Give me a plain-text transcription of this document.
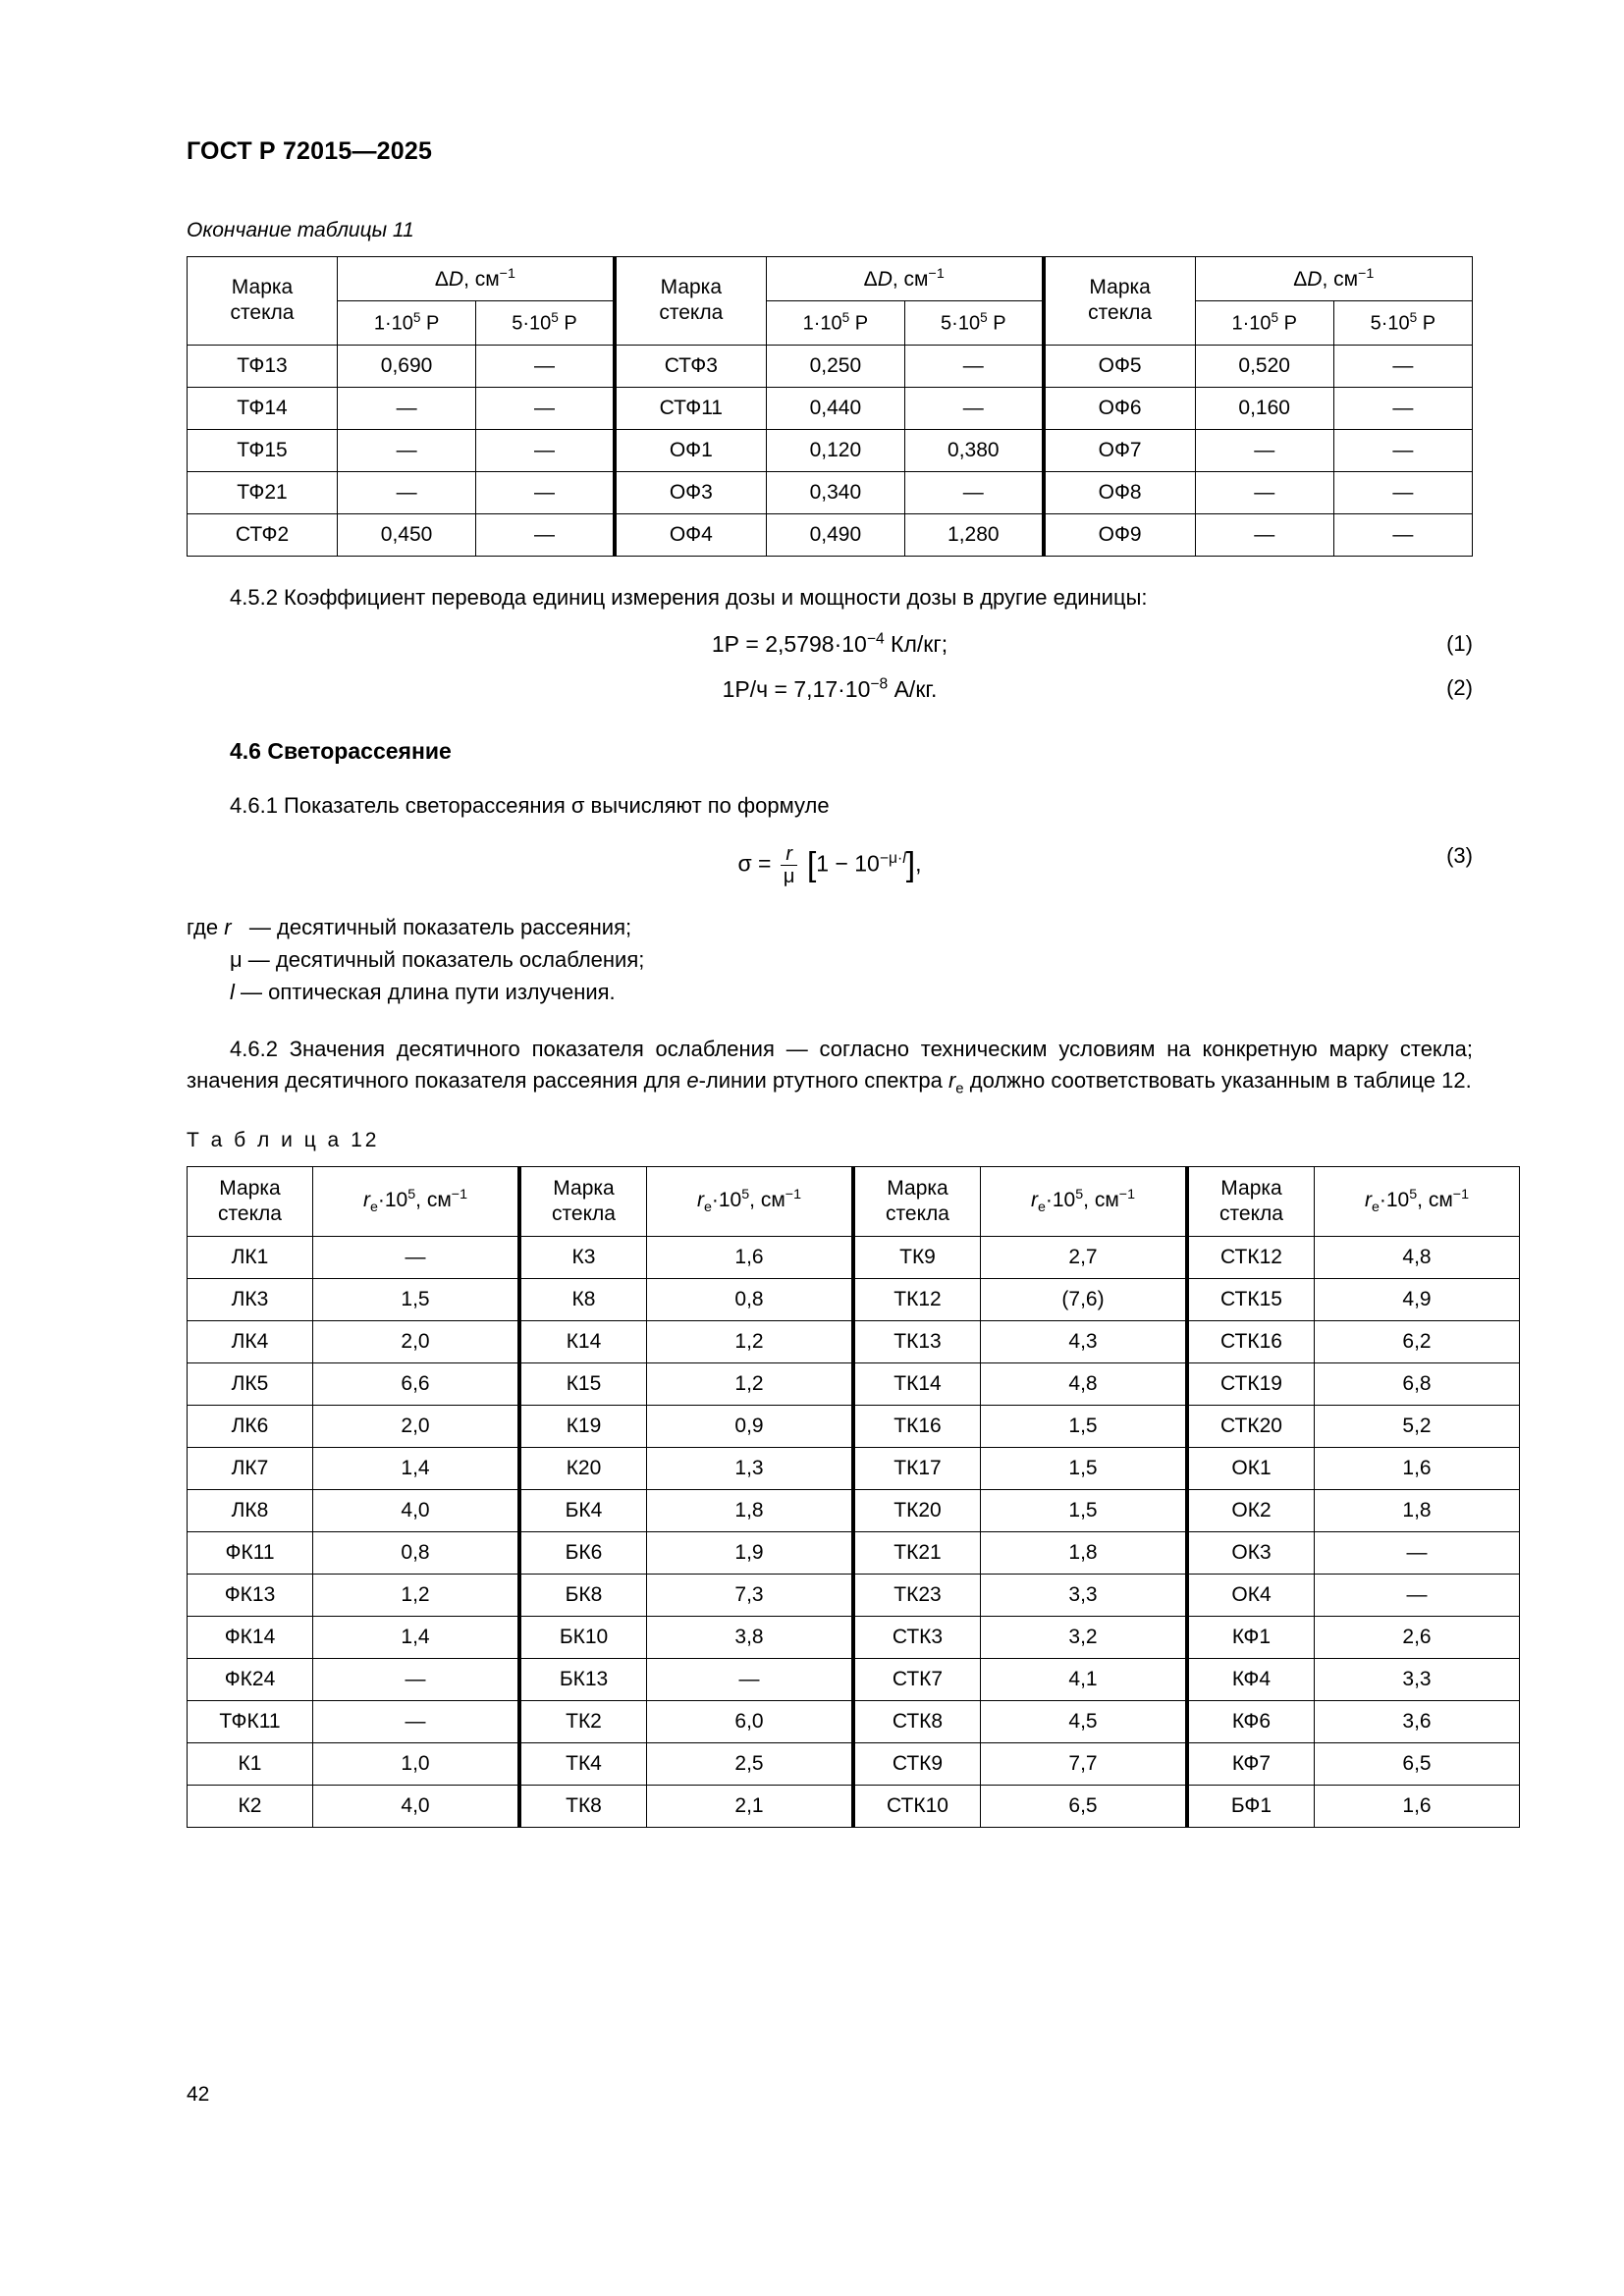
ГОСТ Р 72015—2025
Окончание таблицы 11
Марка
стекла	ΔD, $см^{-1}$		Марка
стекла	ΔD, $см^{-1}$		Марка
стекла	ΔD, $см^{-1}$
	$1\cdot 10^5$ Р	$5\cdot 10^5$ Р		$1\cdot 10^5$ Р	$5\cdot 10^5$ Р		$1\cdot 10^5$ Р	$5\cdot 10^5$ Р
ТФ13	0,690	—	СТФ3	0,250	—	ОФ5	0,520	—
ТФ14	—	—	СТФ11	0,440	—	ОФ6	0,160	—
ТФ15	—	—	ОФ1	0,120	0,380	ОФ7	—	—
ТФ21	—	—	ОФ3	0,340	—	ОФ8	—	—
СТФ2	0,450	—	ОФ4	0,490	1,280	ОФ9	—	—
4.5.2 Коэффициент перевода единиц измерения дозы и мощности дозы в другие единицы:
$1Р = 2,5798\cdot 10^{-4}$ Кл/кг;	(1)
$1Р/ч = 7,17\cdot 10^{-8}$ А/кг.	(2)
4.6 Светорассеяние
4.6.1 Показатель светорассеяния σ вычисляют по формуле
$\sigma = \frac{r}{\mu} [1 - 10^{-\mu\cdot l}]$,	(3)
где r   — десятичный показатель рассеяния;
μ — десятичный показатель ослабления;
l — оптическая длина пути излучения.
4.6.2 Значения десятичного показателя ослабления — согласно техническим условиям на конкретную марку стекла; значения десятичного показателя рассеяния для e-линии ртутного спектра $r_е$ должно соответствовать указанным в таблице 12.
Т а б л и ц а 12
Марка
стекла	$r_е\cdot 10^5$, $см^{-1}$	Марка
стекла	$r_е\cdot 10^5$, $см^{-1}$	Марка
стекла	$r_е\cdot 10^5$, $см^{-1}$	Марка
стекла	$r_е\cdot 10^5$, $см^{-1}$
ЛК1	—	К3	1,6	ТК9	2,7	СТК12	4,8
ЛК3	1,5	К8	0,8	ТК12	(7,6)	СТК15	4,9
ЛК4	2,0	К14	1,2	ТК13	4,3	СТК16	6,2
ЛК5	6,6	К15	1,2	ТК14	4,8	СТК19	6,8
ЛК6	2,0	К19	0,9	ТК16	1,5	СТК20	5,2
ЛК7	1,4	К20	1,3	ТК17	1,5	ОК1	1,6
ЛК8	4,0	БК4	1,8	ТК20	1,5	ОК2	1,8
ФК11	0,8	БК6	1,9	ТК21	1,8	ОК3	—
ФК13	1,2	БК8	7,3	ТК23	3,3	ОК4	—
ФК14	1,4	БК10	3,8	СТК3	3,2	КФ1	2,6
ФК24	—	БК13	—	СТК7	4,1	КФ4	3,3
ТФК11	—	ТК2	6,0	СТК8	4,5	КФ6	3,6
К1	1,0	ТК4	2,5	СТК9	7,7	КФ7	6,5
К2	4,0	ТК8	2,1	СТК10	6,5	БФ1	1,6
42
